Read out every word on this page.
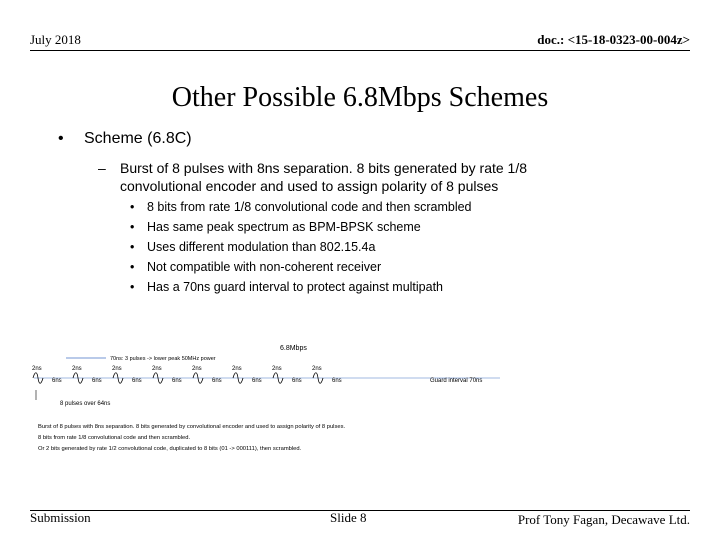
July 2018	doc.: <15-18-0323-00-004z>
Other Possible 6.8Mbps Schemes
• Scheme (6.8C)
– Burst of 8 pulses with 8ns separation. 8 bits generated by rate 1/8 convolutional encoder and used to assign polarity of 8 pulses
• 8 bits from rate 1/8 convolutional code and then scrambled
• Has same peak spectrum as BPM-BPSK scheme
• Uses different modulation than 802.15.4a
• Not compatible with non-coherent receiver
• Has a 70ns guard interval to protect against multipath
6.8Mbps
70ns: 3 pulses -> lower peak 50MHz power
2ns
6ns
2ns
6ns
2ns
6ns
2ns
6ns
2ns
6ns
2ns
6ns
2ns
6ns
2ns
6ns	Guard interval 70ns
8 pulses over 64ns
Burst of 8 pulses with 8ns separation. 8 bits generated by convolutional encoder and used to assign polarity of 8 pulses.
8 bits from rate 1/8 convolutional code and then scrambled.
Or 2 bits generated by rate 1/2 convolutional code, duplicated to 8 bits (01 -> 000111), then scrambled.
Submission	Slide 8	Prof Tony Fagan, Decawave Ltd.
